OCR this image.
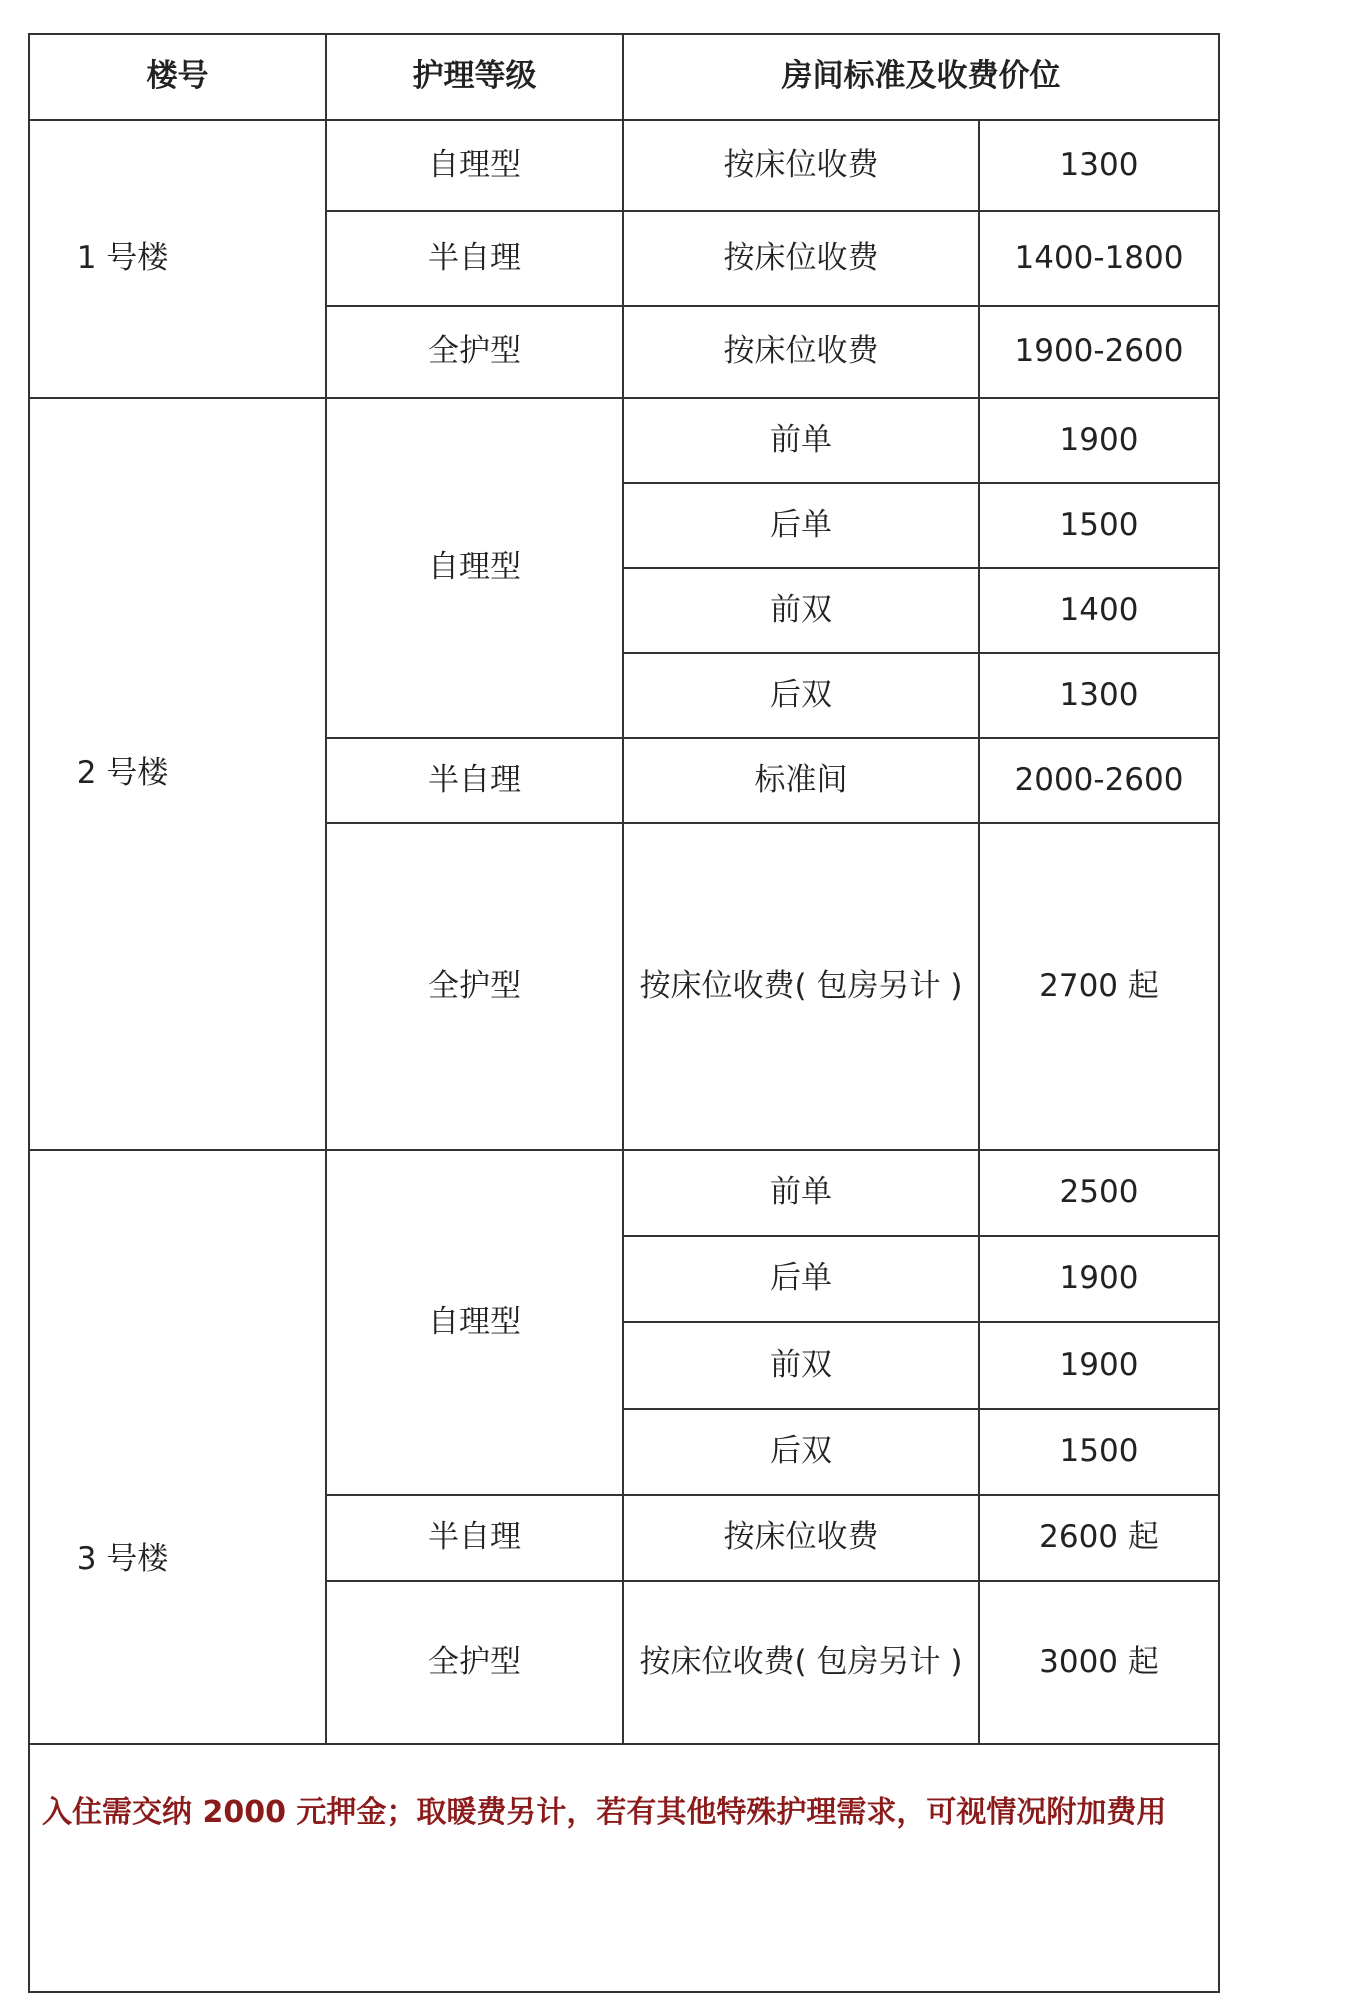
楼号	护理等级	房间标准及收费价位	
1 号楼	自理型	按床位收费	1300
	半自理	按床位收费	1400-1800
	全护型	按床位收费	1900-2600
2 号楼	自理型	前单	1900
		后单	1500
		前双	1400
		后双	1300
	半自理	标准间	2000-2600
	全护型	按床位收费( 包房另计 )	2700 起

3 号楼	自理型	前单	2500
		后单	1900
		前双	1900
		后双	1500
	半自理	按床位收费	2600 起
	全护型	按床位收费( 包房另计 )	3000 起
入住需交纳 2000 元押金；取暖费另计，若有其他特殊护理需求，可视情况附加费用			
